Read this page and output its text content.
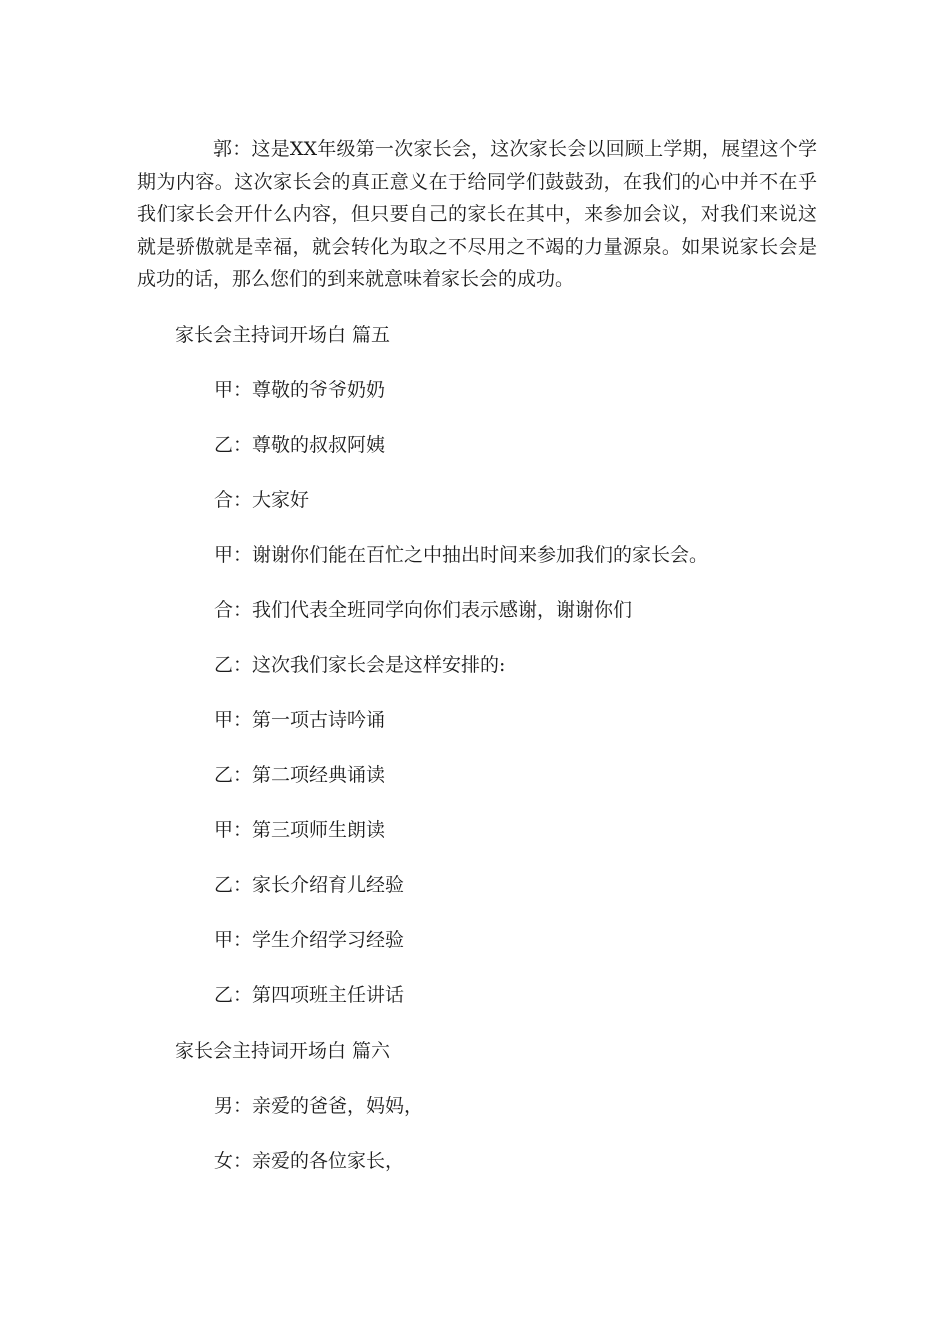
郭：这是XX年级第一次家长会，这次家长会以回顾上学期，展望这个学期为内容。这次家长会的真正意义在于给同学们鼓鼓劲，在我们的心中并不在乎我们家长会开什么内容，但只要自己的家长在其中，来参加会议，对我们来说这就是骄傲就是幸福，就会转化为取之不尽用之不竭的力量源泉。如果说家长会是成功的话，那么您们的到来就意味着家长会的成功。

家长会主持词开场白 篇五

甲：尊敬的爷爷奶奶

乙：尊敬的叔叔阿姨

合：大家好

甲：谢谢你们能在百忙之中抽出时间来参加我们的家长会。

合：我们代表全班同学向你们表示感谢，谢谢你们

乙：这次我们家长会是这样安排的:

甲：第一项古诗吟诵

乙：第二项经典诵读

甲：第三项师生朗读

乙：家长介绍育儿经验

甲：学生介绍学习经验

乙：第四项班主任讲话

家长会主持词开场白 篇六

男：亲爱的爸爸，妈妈，

女：亲爱的各位家长，
